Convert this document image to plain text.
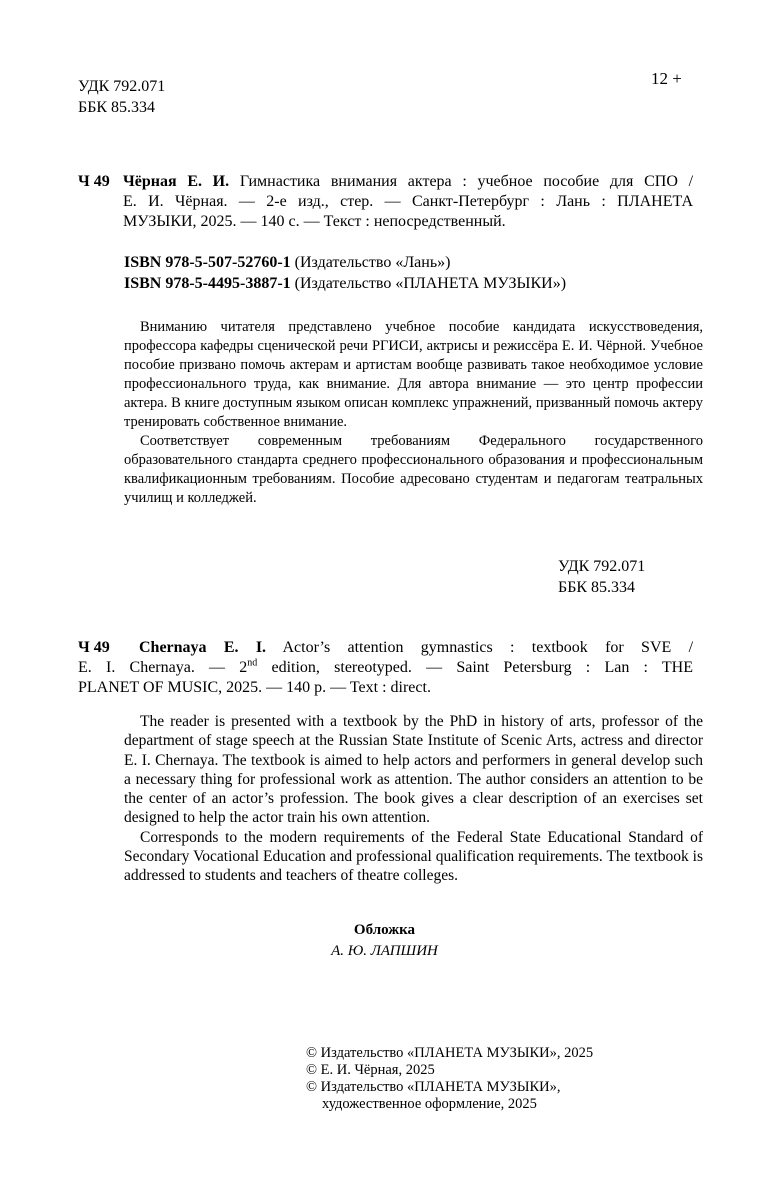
УДК 792.071
ББК 85.334
12 +
Ч 49 Чёрная Е. И. Гимнастика внимания актера : учебное пособие для СПО /
Е. И. Чёрная. — 2-е изд., стер. — Санкт-Петербург : Лань : ПЛАНЕТА
МУЗЫКИ, 2025. — 140 с. — Текст : непосредственный.
ISBN 978-5-507-52760-1 (Издательство «Лань»)
ISBN 978-5-4495-3887-1 (Издательство «ПЛАНЕТА МУЗЫКИ»)

Вниманию читателя представлено учебное пособие кандидата искусствоведения, профессора кафедры сценической речи РГИСИ, актрисы и режиссёра Е. И. Чёрной. Учебное пособие призвано помочь актерам и артистам вообще развивать такое необходимое условие профессионального труда, как внимание. Для автора внимание — это центр профессии актера. В книге доступным языком описан комплекс упражнений, призванный помочь актеру тренировать собственное внимание.

Соответствует современным требованиям Федерального государственного образовательного стандарта среднего профессионального образования и профессиональным квалификационным требованиям. Пособие адресовано студентам и педагогам театральных училищ и колледжей.

УДК 792.071
ББК 85.334
Ч 49 Chernaya E. I. Actor’s attention gymnastics : textbook for SVE /
E. I. Chernaya. — 2nd edition, stereotyped. — Saint Petersburg : Lan : THE
PLANET OF MUSIC, 2025. — 140 p. — Text : direct.

The reader is presented with a textbook by the PhD in history of arts, professor of the department of stage speech at the Russian State Institute of Scenic Arts, actress and director E. I. Chernaya. The textbook is aimed to help actors and performers in general develop such a necessary thing for professional work as attention. The author considers an attention to be the center of an actor’s profession. The book gives a clear description of an exercises set designed to help the actor train his own attention.

Corresponds to the modern requirements of the Federal State Educational Standard of Secondary Vocational Education and professional qualification requirements. The textbook is addressed to students and teachers of theatre colleges.

Обложка
А. Ю. ЛАПШИН
© Издательство «ПЛАНЕТА МУЗЫКИ», 2025
© Е. И. Чёрная, 2025
© Издательство «ПЛАНЕТА МУЗЫКИ»,
художественное оформление, 2025
